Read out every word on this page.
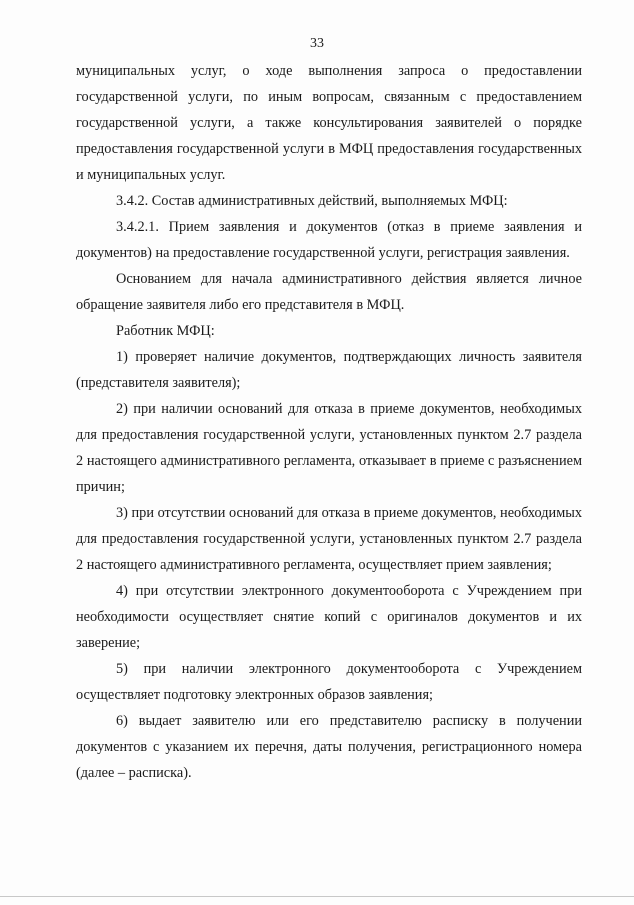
33

муниципальных услуг, о ходе выполнения запроса о предоставлении государственной услуги, по иным вопросам, связанным с предоставлением государственной услуги, а также консультирования заявителей о порядке предоставления государственной услуги в МФЦ предоставления государственных и муниципальных услуг.

3.4.2. Состав административных действий, выполняемых МФЦ:

3.4.2.1. Прием заявления и документов (отказ в приеме заявления и документов) на предоставление государственной услуги, регистрация заявления.

Основанием для начала административного действия является личное обращение заявителя либо его представителя в МФЦ.

Работник МФЦ:

1) проверяет наличие документов, подтверждающих личность заявителя (представителя заявителя);

2) при наличии оснований для отказа в приеме документов, необходимых для предоставления государственной услуги, установленных пунктом 2.7 раздела 2 настоящего административного регламента, отказывает в приеме с разъяснением причин;

3) при отсутствии оснований для отказа в приеме документов, необходимых для предоставления государственной услуги, установленных пунктом 2.7 раздела 2 настоящего административного регламента, осуществляет прием заявления;

4) при отсутствии электронного документооборота с Учреждением при необходимости осуществляет снятие копий с оригиналов документов и их заверение;

5) при наличии электронного документооборота с Учреждением осуществляет подготовку электронных образов заявления;

6) выдает заявителю или его представителю расписку в получении документов с указанием их перечня, даты получения, регистрационного номера (далее – расписка).
